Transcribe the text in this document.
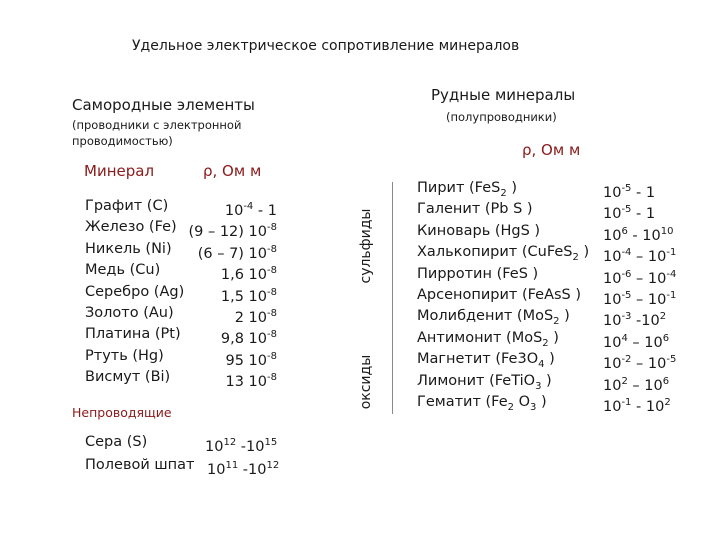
Удельное электрическое сопротивление минералов
Самородные элементы
(проводники с электронной проводимостью)
Минерал	ρ, Ом м
Графит (С)	$10^{-4} - 1$
Железо (Fe) (9 – 12) $10^{-8}$
Никель (Ni) (6 – 7) $10^{-8}$
Медь (Cu)	1,6 $10^{-8}$
Серебро (Ag)	1,5 $10^{-8}$
Золото (Au)	2 $10^{-8}$
Платина (Pt)	9,8 $10^{-8}$
Ртуть (Hg)	95 $10^{-8}$
Висмут (Bi)	13 $10^{-8}$
Непроводящие
Сера (S)	$10^{12}$ $-10^{15}$
Полевой шпат $10^{11}$ $-10^{12}$
Рудные минералы
(полупроводники)
ρ, Ом м
сульфиды
оксиды
Пирит (FeS$_2$ )	$10^{-5} - 1$
Галенит (Pb S )	$10^{-5} - 1$
Киноварь (HgS )	$10^6 - 10^{10}$
Халькопирит (CuFeS$_2$ ) $10^{-4} - 10^{-1}$
Пирротин (FeS )	$10^{-6} - 10^{-4}$
Арсенопирит (FeAsS ) $10^{-5} - 10^{-1}$
Молибденит (MoS$_2$ ) $10^{-3}$ $-10^2$
Антимонит (MoS$_2$ )	$10^4 - 10^6$
Магнетит ($Fe3O_4$ )	$10^{-2} - 10^{-5}$
Лимонит (FeTiO$_3$ )	$10^2 - 10^6$
Гематит ($Fe_2$ $O_3$ )	$10^{-1} - 10^2$
